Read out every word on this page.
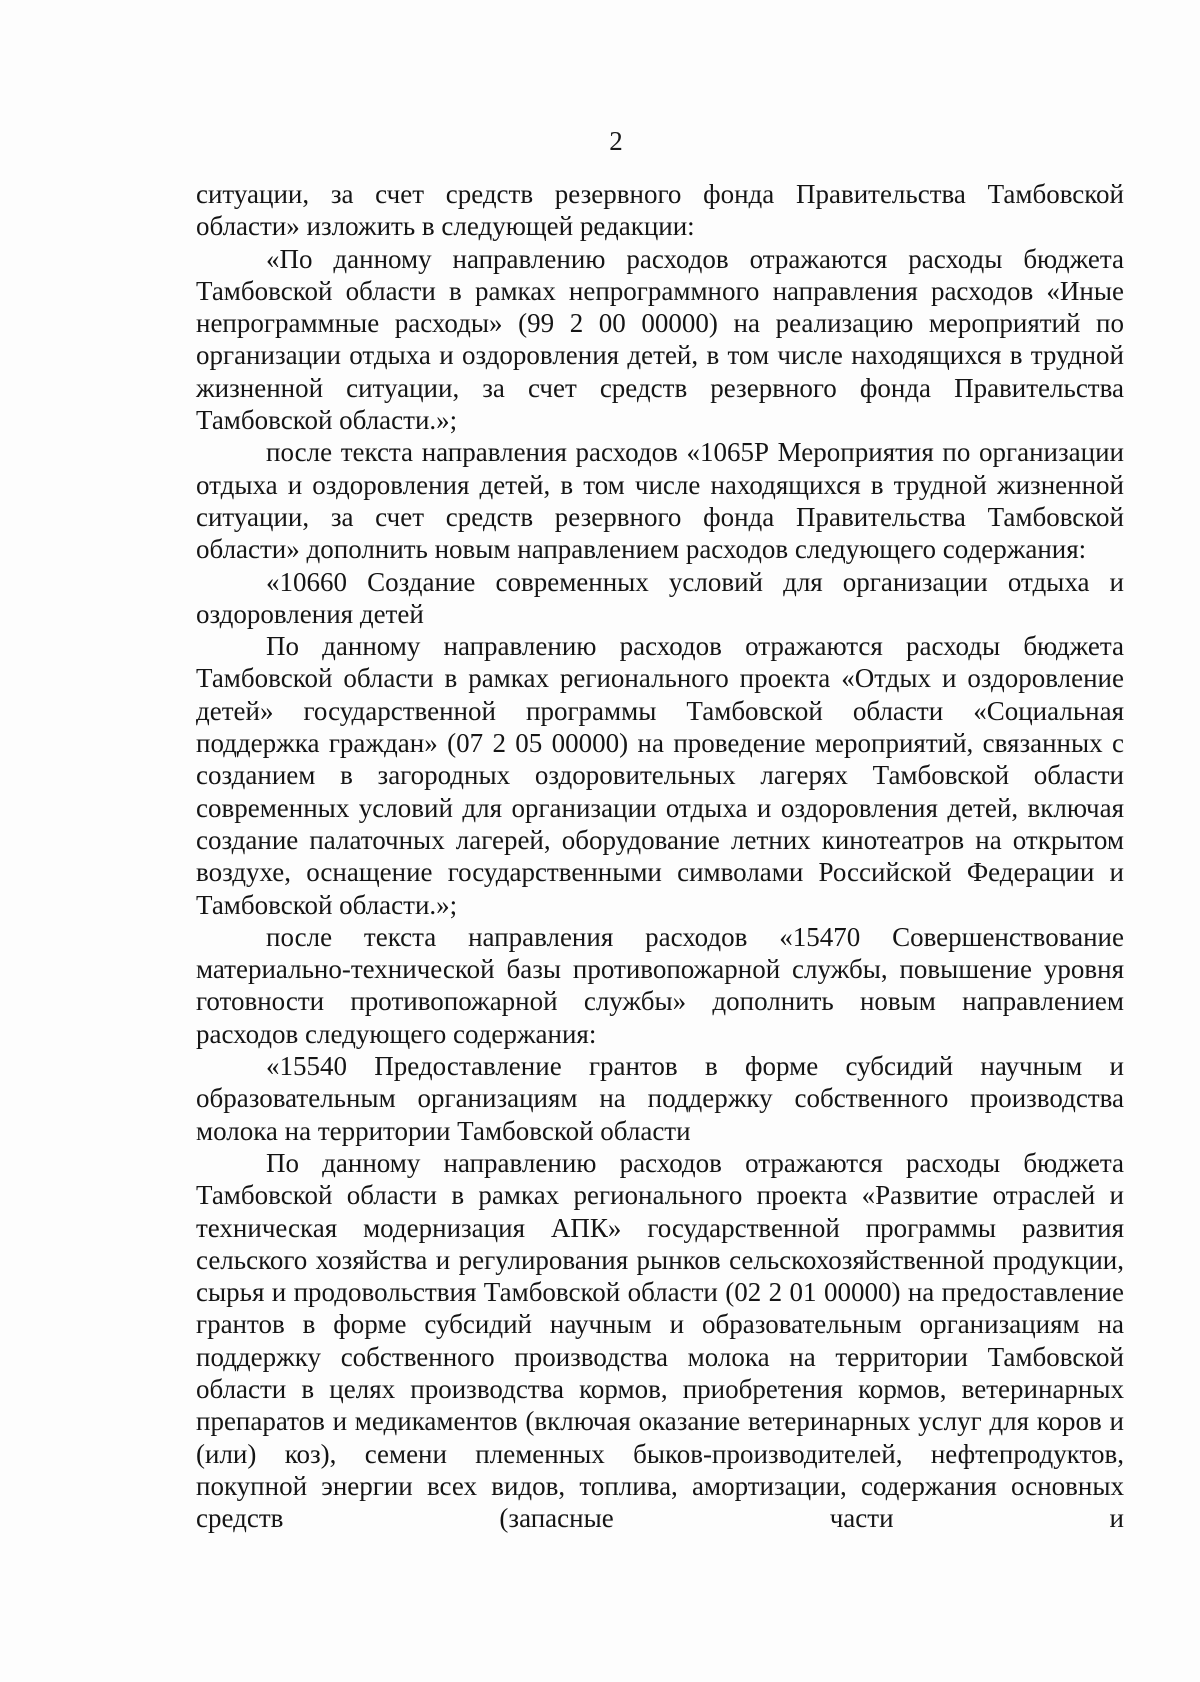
2

ситуации, за счет средств резервного фонда Правительства Тамбовской области» изложить в следующей редакции:

«По данному направлению расходов отражаются расходы бюджета Тамбовской области в рамках непрограммного направления расходов «Иные непрограммные расходы» (99 2 00 00000) на реализацию мероприятий по организации отдыха и оздоровления детей, в том числе находящихся в трудной жизненной ситуации, за счет средств резервного фонда Правительства Тамбовской области.»;

после текста направления расходов «1065Р Мероприятия по организации отдыха и оздоровления детей, в том числе находящихся в трудной жизненной ситуации, за счет средств резервного фонда Правительства Тамбовской области» дополнить новым направлением расходов следующего содержания:

«10660 Создание современных условий для организации отдыха и оздоровления детей

По данному направлению расходов отражаются расходы бюджета Тамбовской области в рамках регионального проекта «Отдых и оздоровление детей» государственной программы Тамбовской области «Социальная поддержка граждан» (07 2 05 00000) на проведение мероприятий, связанных с созданием в загородных оздоровительных лагерях Тамбовской области современных условий для организации отдыха и оздоровления детей, включая создание палаточных лагерей, оборудование летних кинотеатров на открытом воздухе, оснащение государственными символами Российской Федерации и Тамбовской области.»;

после текста направления расходов «15470 Совершенствование материально-технической базы противопожарной службы, повышение уровня готовности противопожарной службы» дополнить новым направлением расходов следующего содержания:

«15540 Предоставление грантов в форме субсидий научным и образовательным организациям на поддержку собственного производства молока на территории Тамбовской области

По данному направлению расходов отражаются расходы бюджета Тамбовской области в рамках регионального проекта «Развитие отраслей и техническая модернизация АПК» государственной программы развития сельского хозяйства и регулирования рынков сельскохозяйственной продукции, сырья и продовольствия Тамбовской области (02 2 01 00000) на предоставление грантов в форме субсидий научным и образовательным организациям на поддержку собственного производства молока на территории Тамбовской области в целях производства кормов, приобретения кормов, ветеринарных препаратов и медикаментов (включая оказание ветеринарных услуг для коров и (или) коз), семени племенных быков-производителей, нефтепродуктов, покупной энергии всех видов, топлива, амортизации, содержания основных средств (запасные части и
